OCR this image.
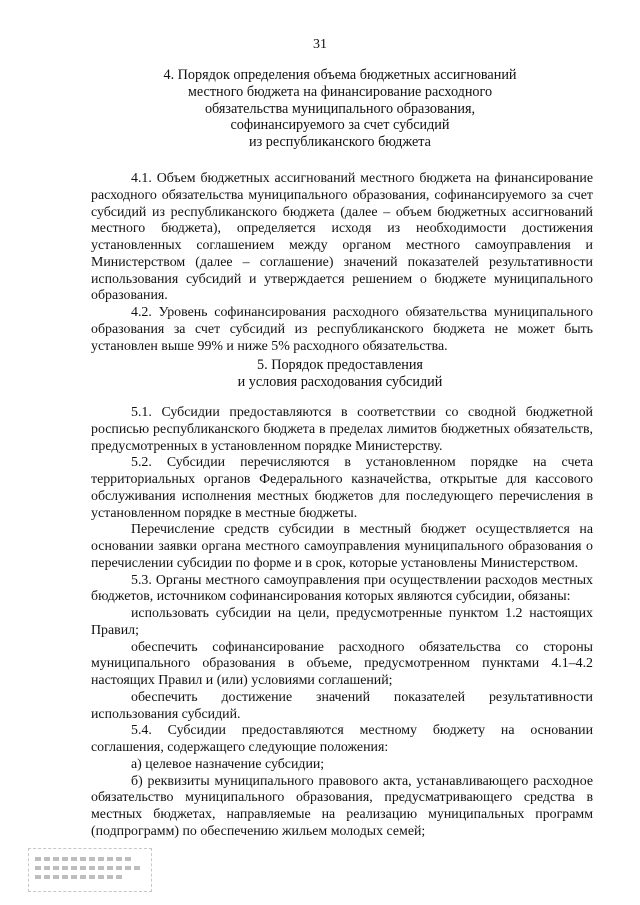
31
4. Порядок определения объема бюджетных ассигнований
местного бюджета на финансирование расходного
обязательства муниципального образования,
софинансируемого за счет субсидий
из республиканского бюджета

4.1. Объем бюджетных ассигнований местного бюджета на финансирование расходного обязательства муниципального образования, софинансируемого за счет субсидий из республиканского бюджета (далее – объем бюджетных ассигнований местного бюджета), определяется исходя из необходимости достижения установленных соглашением между органом местного самоуправления и Министерством (далее – соглашение) значений показателей результативности использования субсидий и утверждается решением о бюджете муниципального образования.

4.2. Уровень софинансирования расходного обязательства муниципального образования за счет субсидий из республиканского бюджета не может быть установлен выше 99% и ниже 5% расходного обязательства.

5. Порядок предоставления
и условия расходования субсидий

5.1. Субсидии предоставляются в соответствии со сводной бюджетной росписью республиканского бюджета в пределах лимитов бюджетных обязательств, предусмотренных в установленном порядке Министерству.

5.2. Субсидии перечисляются в установленном порядке на счета территориальных органов Федерального казначейства, открытые для кассового обслуживания исполнения местных бюджетов для последующего перечисления в установленном порядке в местные бюджеты.

Перечисление средств субсидии в местный бюджет осуществляется на основании заявки органа местного самоуправления муниципального образования о перечислении субсидии по форме и в срок, которые установлены Министерством.

5.3. Органы местного самоуправления при осуществлении расходов местных бюджетов, источником софинансирования которых являются субсидии, обязаны:

использовать субсидии на цели, предусмотренные пунктом 1.2 настоящих Правил;

обеспечить софинансирование расходного обязательства со стороны муниципального образования в объеме, предусмотренном пунктами 4.1–4.2 настоящих Правил и (или) условиями соглашений;

обеспечить достижение значений показателей результативности использования субсидий.

5.4. Субсидии предоставляются местному бюджету на основании соглашения, содержащего следующие положения:

а) целевое назначение субсидии;

б) реквизиты муниципального правового акта, устанавливающего расходное обязательство муниципального образования, предусматривающего средства в местных бюджетах, направляемые на реализацию муниципальных программ (подпрограмм) по обеспечению жильем молодых семей;
